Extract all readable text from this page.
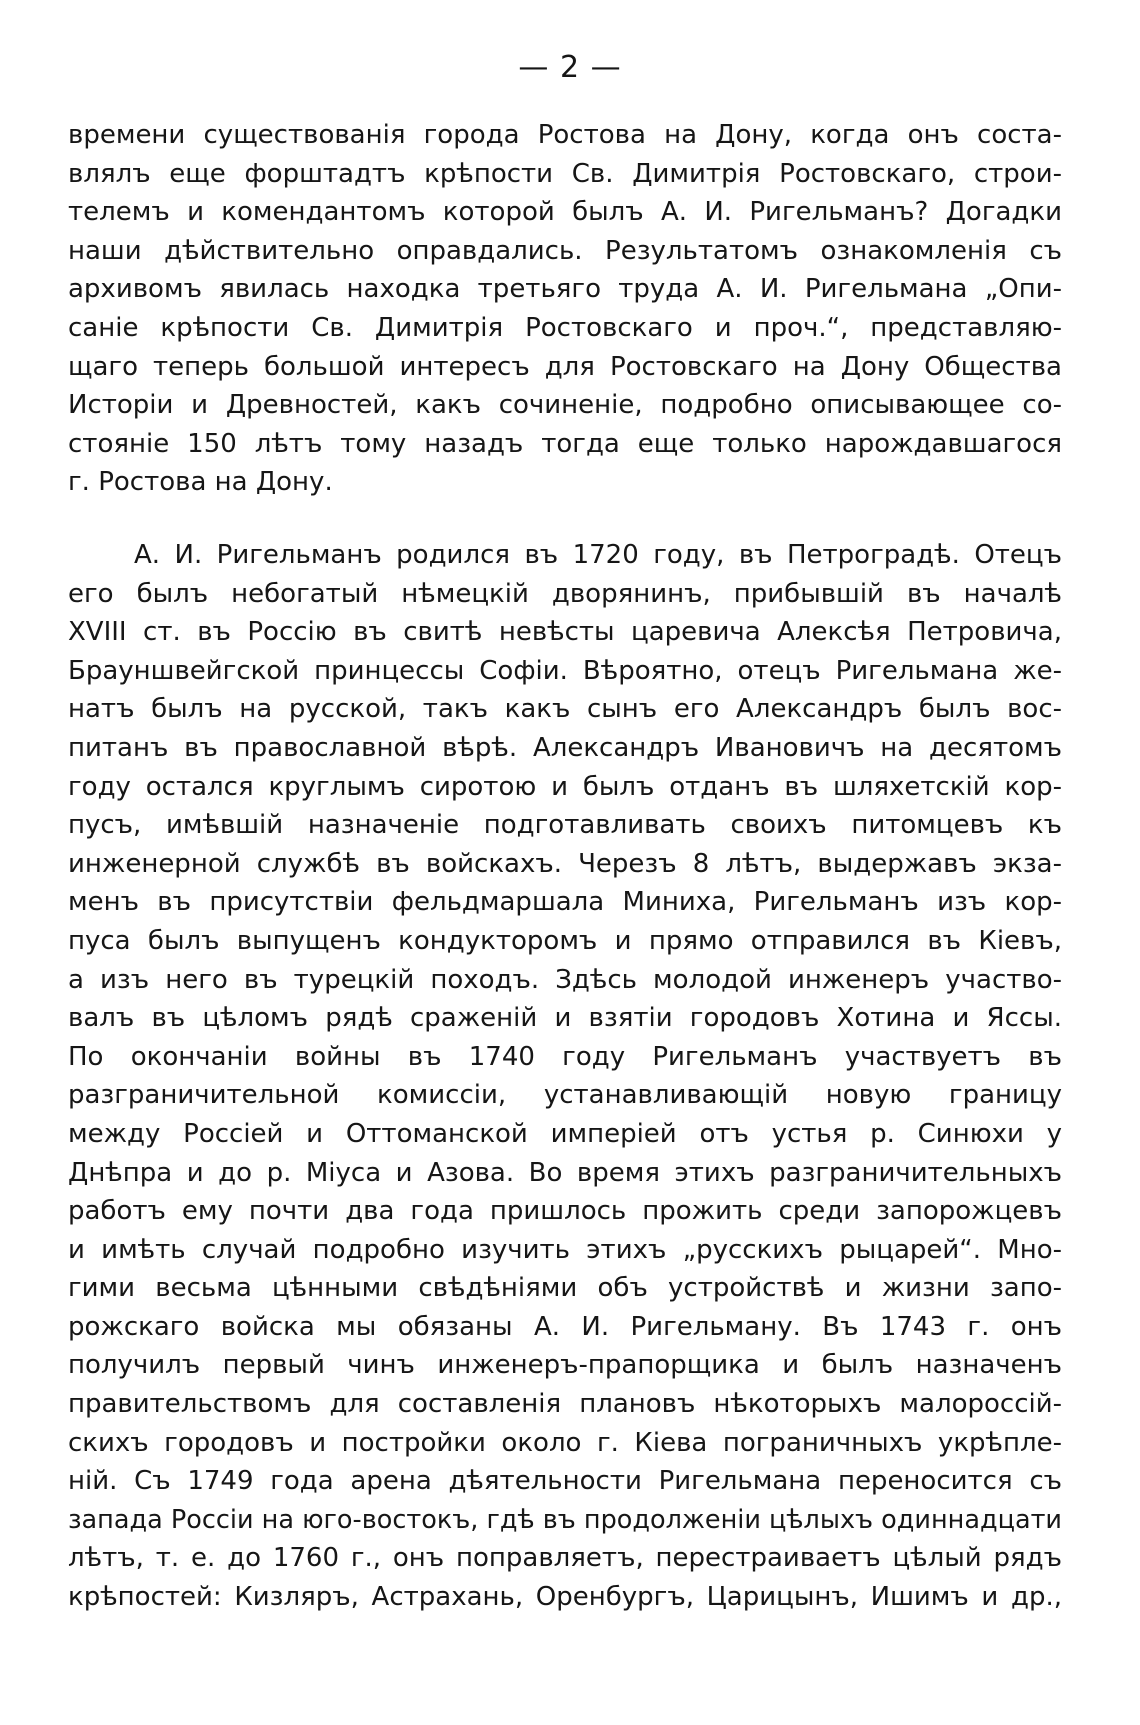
— 2 —
времени существованія города Ростова на Дону, когда онъ соста-
влялъ еще форштадтъ крѣпости Св. Димитрія Ростовскаго, строи-
телемъ и комендантомъ которой былъ А. И. Ригельманъ? Догадки
наши дѣйствительно оправдались. Результатомъ ознакомленія съ
архивомъ явилась находка третьяго труда А. И. Ригельмана „Опи-
саніе крѣпости Св. Димитрія Ростовскаго и проч.“, представляю-
щаго теперь большой интересъ для Ростовскаго на Дону Общества
Исторіи и Древностей, какъ сочиненіе, подробно описывающее со-
стояніе 150 лѣтъ тому назадъ тогда еще только нарождавшагося
г. Ростова на Дону.
А. И. Ригельманъ родился въ 1720 году, въ Петроградѣ. Отецъ
его былъ небогатый нѣмецкій дворянинъ, прибывшій въ началѣ
XVIII ст. въ Россію въ свитѣ невѣсты царевича Алексѣя Петровича,
Брауншвейгской принцессы Софіи. Вѣроятно, отецъ Ригельмана же-
натъ былъ на русской, такъ какъ сынъ его Александръ былъ вос-
питанъ въ православной вѣрѣ. Александръ Ивановичъ на десятомъ
году остался круглымъ сиротою и былъ отданъ въ шляхетскій кор-
пусъ, имѣвшій назначеніе подготавливать своихъ питомцевъ къ
инженерной службѣ въ войскахъ. Черезъ 8 лѣтъ, выдержавъ экза-
менъ въ присутствіи фельдмаршала Миниха, Ригельманъ изъ кор-
пуса былъ выпущенъ кондукторомъ и прямо отправился въ Кіевъ,
а изъ него въ турецкій походъ. Здѣсь молодой инженеръ участво-
валъ въ цѣломъ рядѣ сраженій и взятіи городовъ Хотина и Яссы.
По окончаніи войны въ 1740 году Ригельманъ участвуетъ въ
разграничительной комиссіи, устанавливающій новую границу
между Россіей и Оттоманской имперіей отъ устья р. Синюхи у
Днѣпра и до р. Міуса и Азова. Во время этихъ разграничительныхъ
работъ ему почти два года пришлось прожить среди запорожцевъ
и имѣть случай подробно изучить этихъ „русскихъ рыцарей“. Мно-
гими весьма цѣнными свѣдѣніями объ устройствѣ и жизни запо-
рожскаго войска мы обязаны А. И. Ригельману. Въ 1743 г. онъ
получилъ первый чинъ инженеръ-прапорщика и былъ назначенъ
правительствомъ для составленія плановъ нѣкоторыхъ малороссій-
скихъ городовъ и постройки около г. Кіева пограничныхъ укрѣпле-
ній. Съ 1749 года арена дѣятельности Ригельмана переносится съ
запада Россіи на юго-востокъ, гдѣ въ продолженіи цѣлыхъ одиннадцати
лѣтъ, т. е. до 1760 г., онъ поправляетъ, перестраиваетъ цѣлый рядъ
крѣпостей: Кизляръ, Астрахань, Оренбургъ, Царицынъ, Ишимъ и др.,
